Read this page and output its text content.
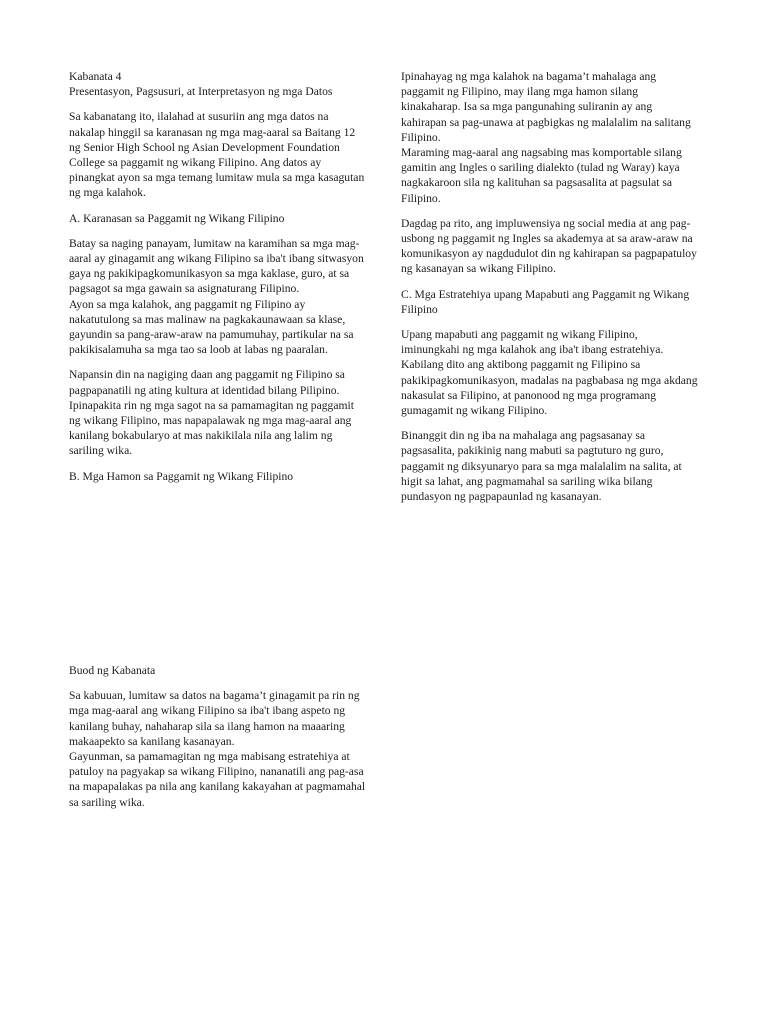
Kabanata 4

Presentasyon, Pagsusuri, at Interpretasyon ng mga Datos

Sa kabanatang ito, ilalahad at susuriin ang mga datos na nakalap hinggil sa karanasan ng mga mag-aaral sa Baitang 12 ng Senior High School ng Asian Development Foundation College sa paggamit ng wikang Filipino. Ang datos ay pinangkat ayon sa mga temang lumitaw mula sa mga kasagutan ng mga kalahok.

A. Karanasan sa Paggamit ng Wikang Filipino

Batay sa naging panayam, lumitaw na karamihan sa mga mag-aaral ay ginagamit ang wikang Filipino sa iba't ibang sitwasyon gaya ng pakikipagkomunikasyon sa mga kaklase, guro, at sa pagsagot sa mga gawain sa asignaturang Filipino.
Ayon sa mga kalahok, ang paggamit ng Filipino ay nakatutulong sa mas malinaw na pagkakaunawaan sa klase, gayundin sa pang-araw-araw na pamumuhay, partikular na sa pakikisalamuha sa mga tao sa loob at labas ng paaralan.
Napansin din na nagiging daan ang paggamit ng Filipino sa pagpapanatili ng ating kultura at identidad bilang Pilipino.
Ipinapakita rin ng mga sagot na sa pamamagitan ng paggamit ng wikang Filipino, mas napapalawak ng mga mag-aaral ang kanilang bokabularyo at mas nakikilala nila ang lalim ng sariling wika.

B. Mga Hamon sa Paggamit ng Wikang Filipino

Ipinahayag ng mga kalahok na bagama’t mahalaga ang paggamit ng Filipino, may ilang mga hamon silang kinakaharap. Isa sa mga pangunahing suliranin ay ang kahirapan sa pag-unawa at pagbigkas ng malalalim na salitang Filipino.
Maraming mag-aaral ang nagsabing mas komportable silang gamitin ang Ingles o sariling dialekto (tulad ng Waray) kaya nagkakaroon sila ng kalituhan sa pagsasalita at pagsulat sa Filipino.

Dagdag pa rito, ang impluwensiya ng social media at ang pag-usbong ng paggamit ng Ingles sa akademya at sa araw-araw na komunikasyon ay nagdudulot din ng kahirapan sa pagpapatuloy ng kasanayan sa wikang Filipino.

C. Mga Estratehiya upang Mapabuti ang Paggamit ng Wikang Filipino

Upang mapabuti ang paggamit ng wikang Filipino, iminungkahi ng mga kalahok ang iba't ibang estratehiya.
Kabilang dito ang aktibong paggamit ng Filipino sa pakikipagkomunikasyon, madalas na pagbabasa ng mga akdang nakasulat sa Filipino, at panonood ng mga programang gumagamit ng wikang Filipino.

Binanggit din ng iba na mahalaga ang pagsasanay sa pagsasalita, pakikinig nang mabuti sa pagtuturo ng guro, paggamit ng diksyunaryo para sa mga malalalim na salita, at higit sa lahat, ang pagmamahal sa sariling wika bilang pundasyon ng pagpapaunlad ng kasanayan.

Buod ng Kabanata

Sa kabuuan, lumitaw sa datos na bagama’t ginagamit pa rin ng mga mag-aaral ang wikang Filipino sa iba't ibang aspeto ng kanilang buhay, nahaharap sila sa ilang hamon na maaaring makaapekto sa kanilang kasanayan.
Gayunman, sa pamamagitan ng mga mabisang estratehiya at patuloy na pagyakap sa wikang Filipino, nananatili ang pag-asa na mapapalakas pa nila ang kanilang kakayahan at pagmamahal sa sariling wika.
